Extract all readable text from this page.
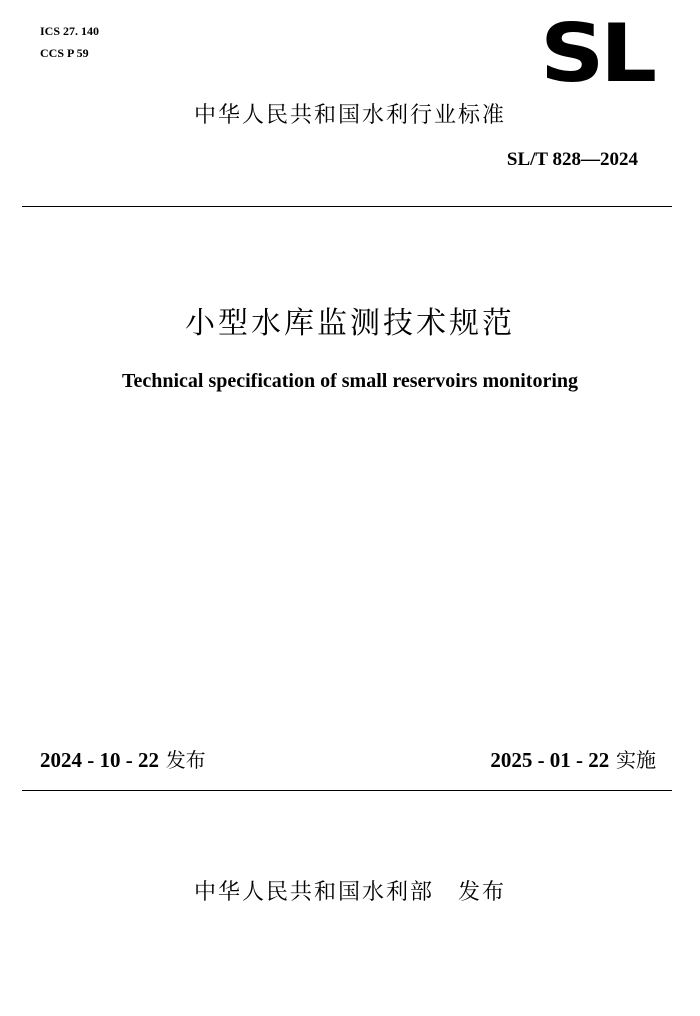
ICS 27. 140
CCS P 59	SL
中华人民共和国水利行业标准
SL/T 828—2024
小型水库监测技术规范
Technical specification of small reservoirs monitoring
2024 - 10 - 22 发布	2025 - 01 - 22 实施
中华人民共和国水利部 发布
